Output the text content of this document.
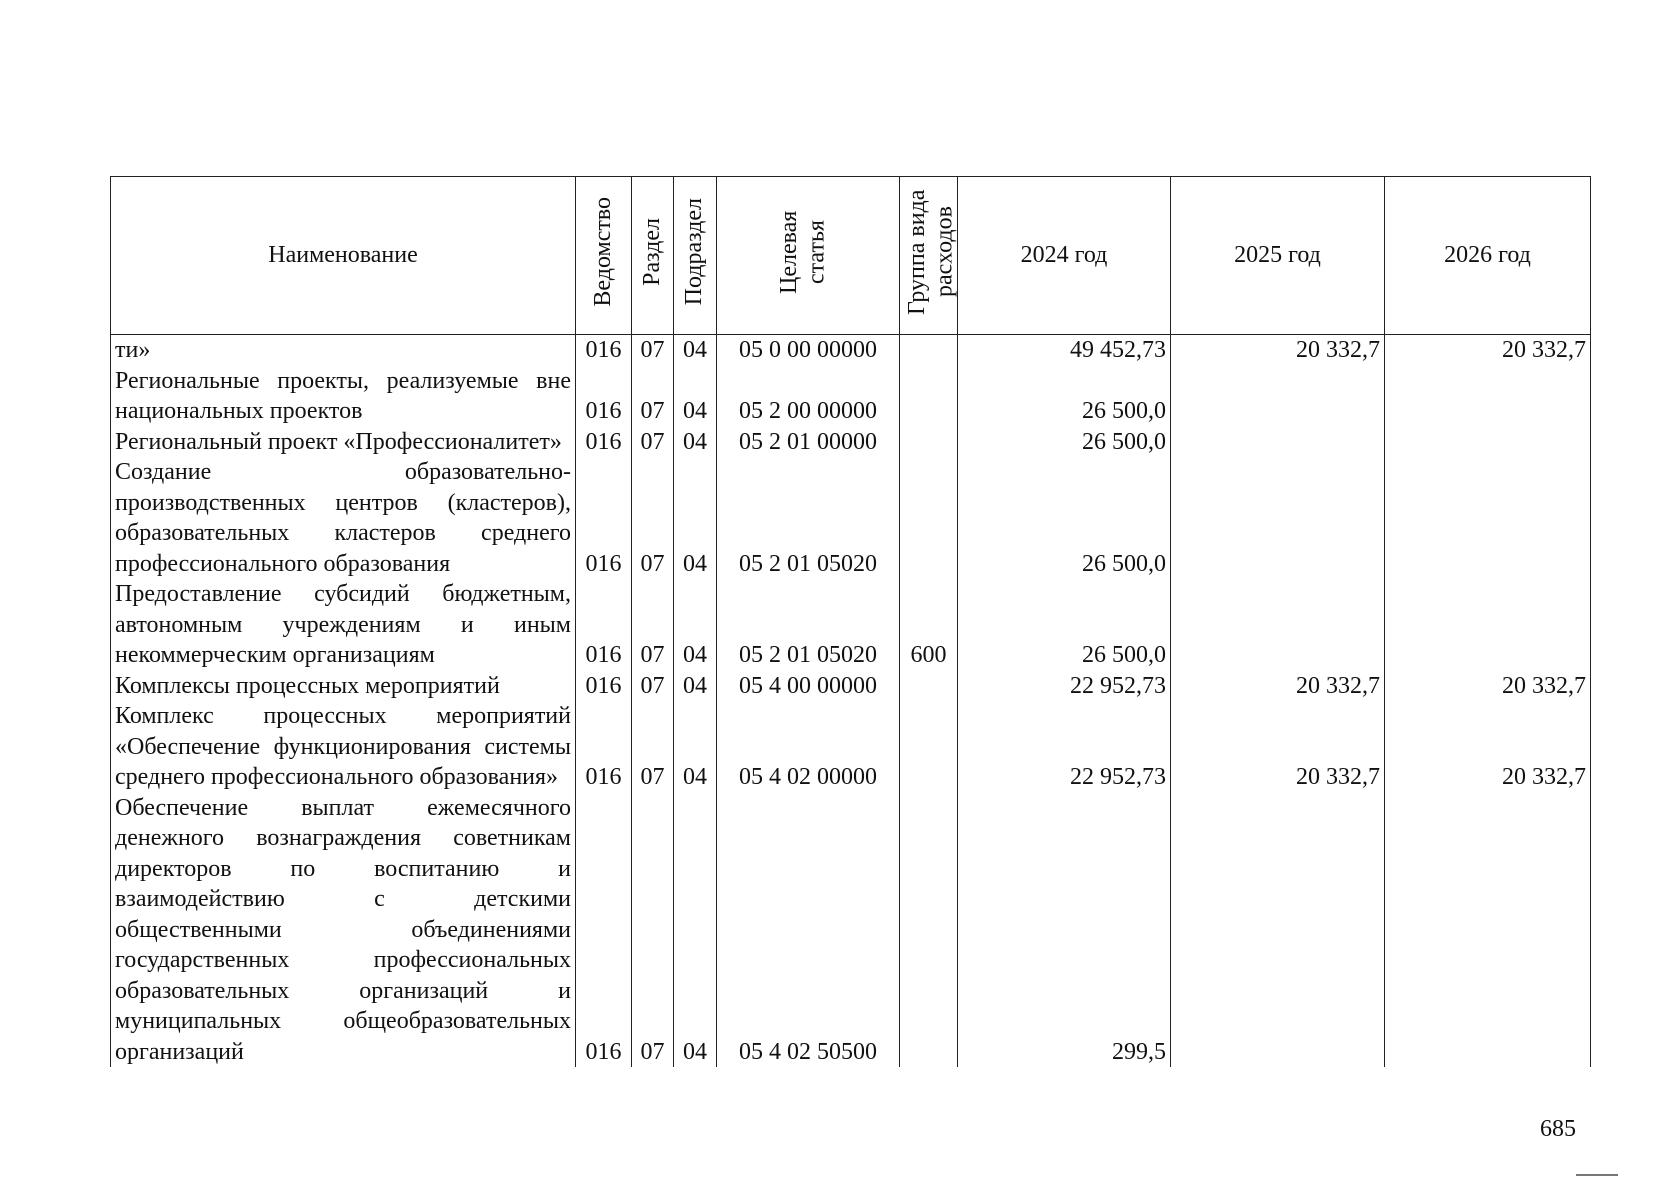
Наименование	Ведомство	Раздел	Подраздел	Целевая статья	Группа вида расходов	2024 год	2025 год	2026 год
ти»	016	07	04	05 0 00 00000		49 452,73	20 332,7	20 332,7
Региональные проекты, реализуемые вне национальных проектов	016	07	04	05 2 00 00000		26 500,0		
Региональный проект «Профессионалитет»	016	07	04	05 2 01 00000		26 500,0		
Создание образовательно-производственных центров (кластеров), образовательных кластеров среднего профессионального образования	016	07	04	05 2 01 05020		26 500,0		
Предоставление субсидий бюджетным, автономным учреждениям и иным некоммерческим организациям	016	07	04	05 2 01 05020	600	26 500,0		
Комплексы процессных мероприятий	016	07	04	05 4 00 00000		22 952,73	20 332,7	20 332,7
Комплекс процессных мероприятий «Обеспечение функционирования системы среднего профессионального образования»	016	07	04	05 4 02 00000		22 952,73	20 332,7	20 332,7
Обеспечение выплат ежемесячного денежного вознаграждения советникам директоров по воспитанию и взаимодействию с детскими общественными объединениями государственных профессиональных образовательных организаций и муниципальных общеобразовательных организаций	016	07	04	05 4 02 50500		299,5		
685
